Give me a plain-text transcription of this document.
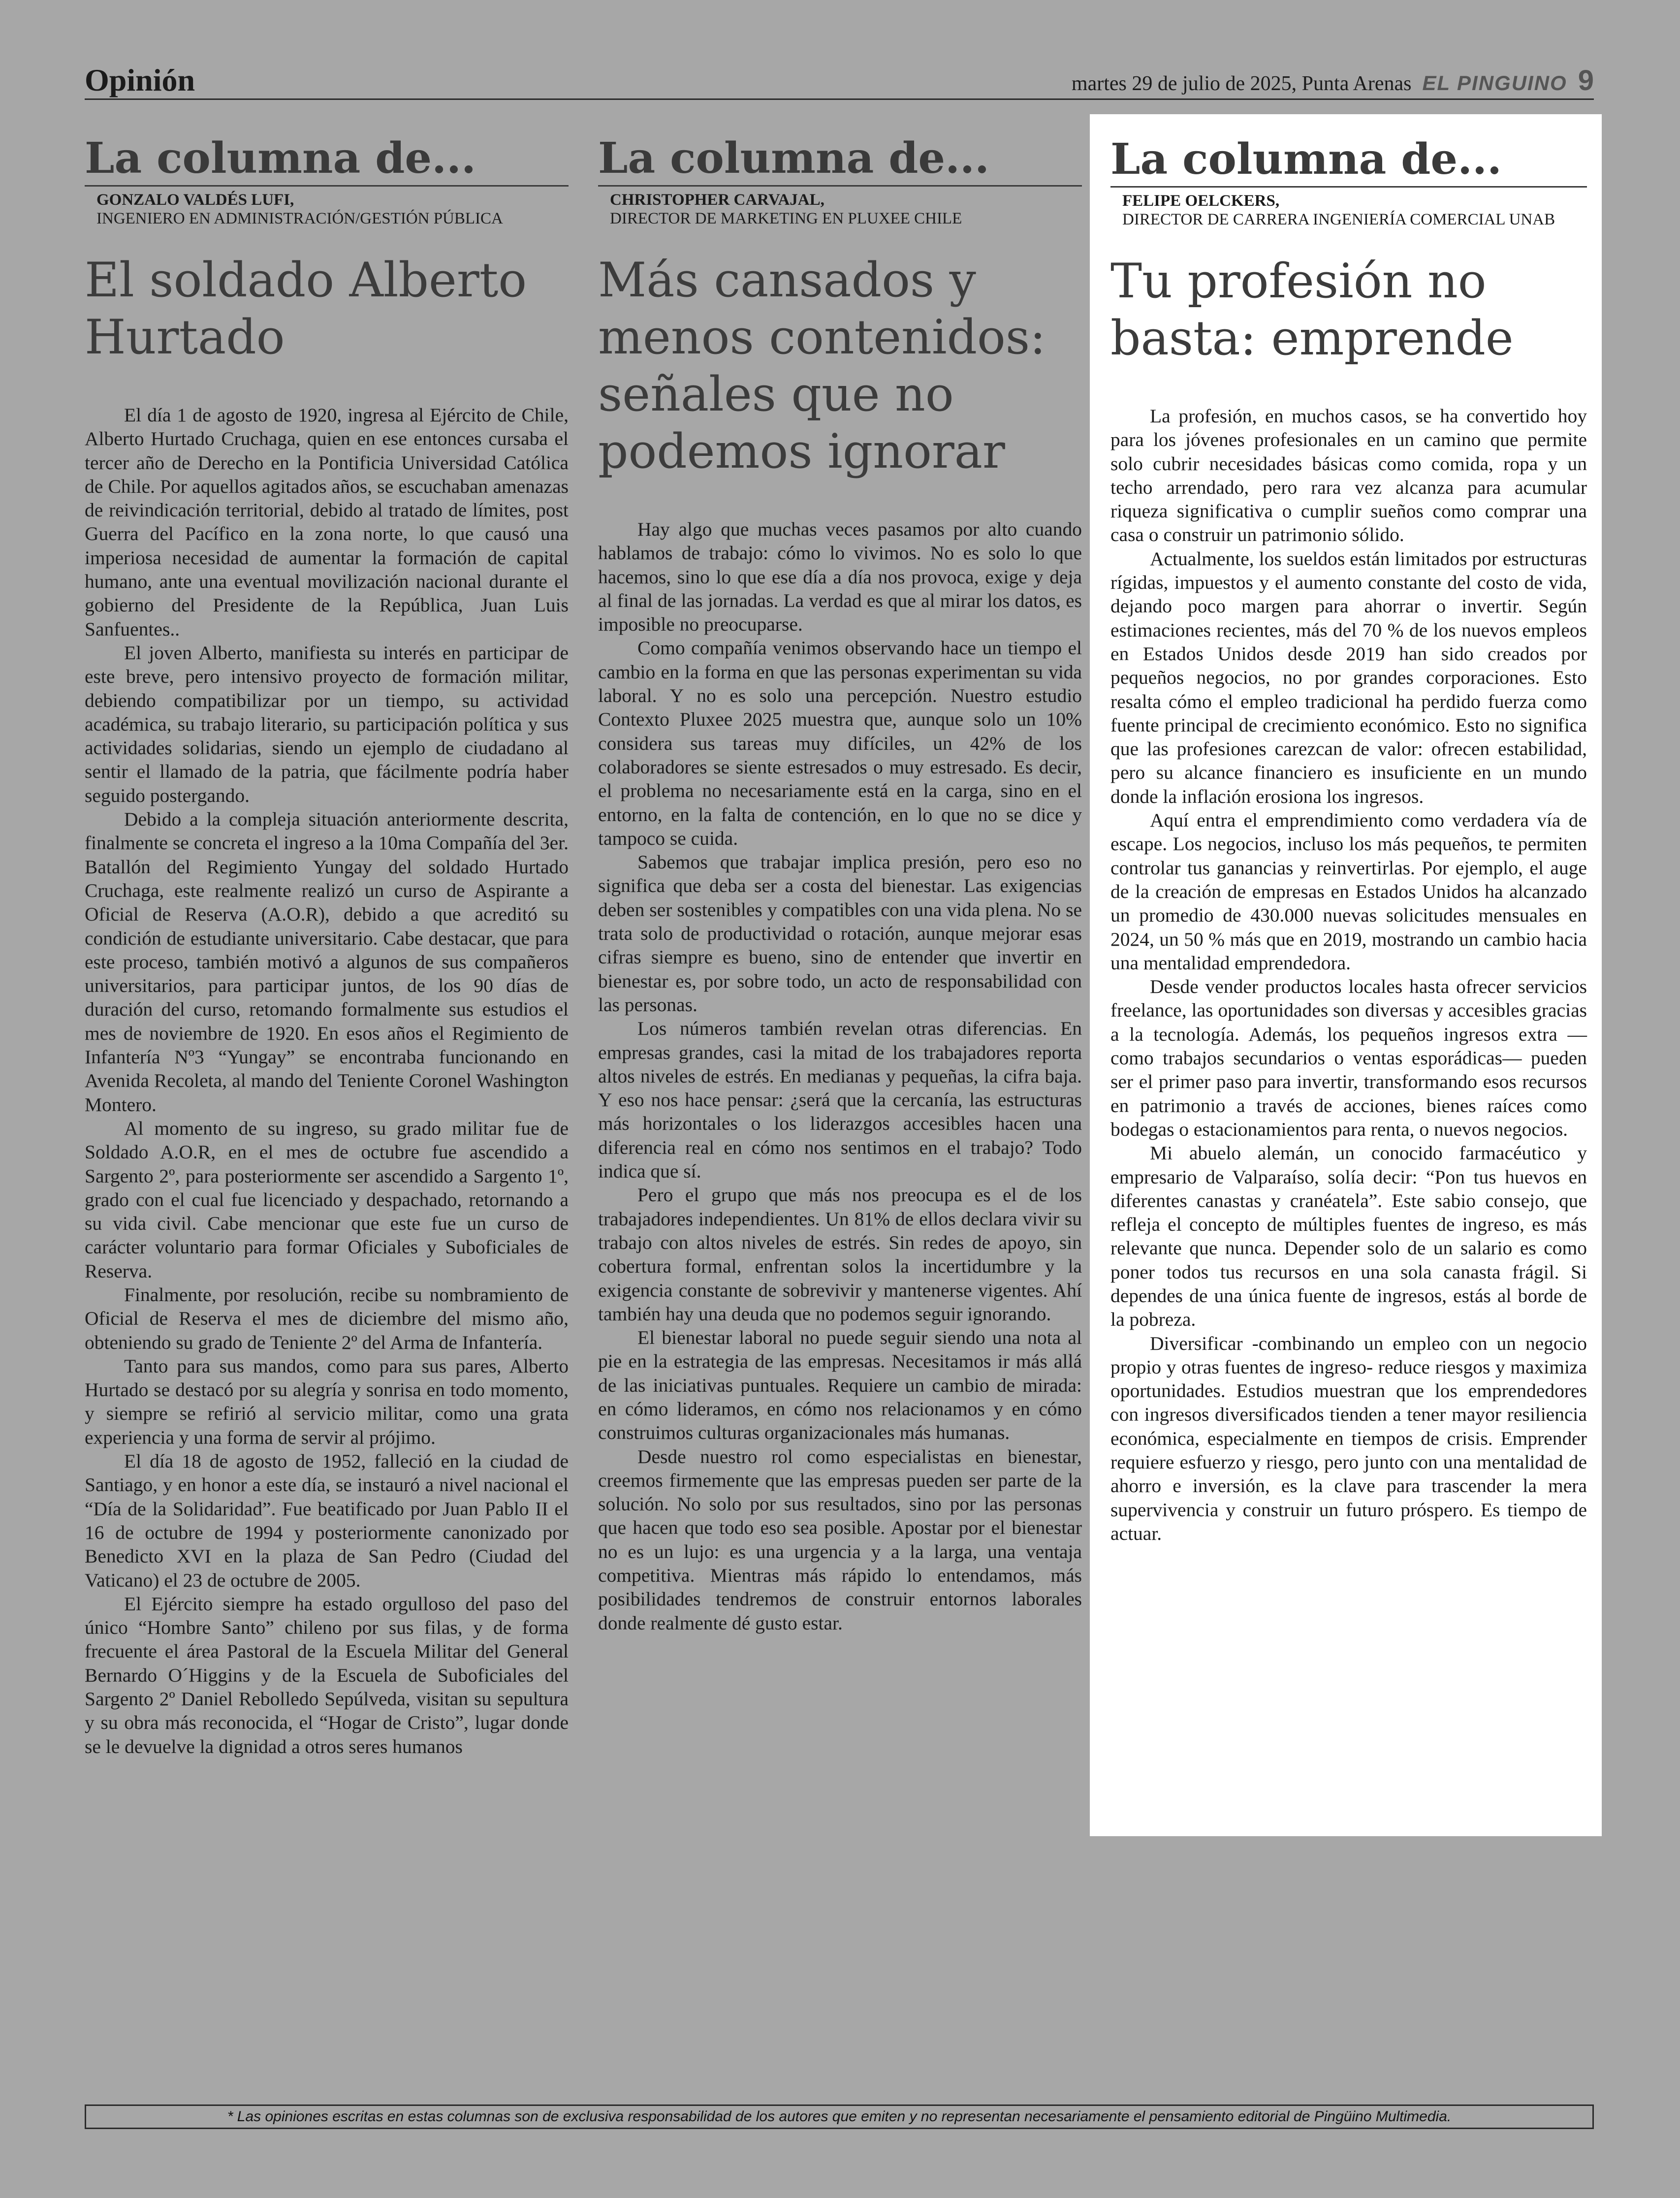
Opinión	martes 29 de julio de 2025, Punta Arenas EL PINGUINO 9
La columna de...
GONZALO VALDÉS LUFI,
INGENIERO EN ADMINISTRACIÓN/GESTIÓN PÚBLICA
El soldado Alberto Hurtado

El día 1 de agosto de 1920, ingresa al Ejército de Chile, Alberto Hurtado Cruchaga, quien en ese entonces cursaba el tercer año de Derecho en la Pontificia Universidad Católica de Chile. Por aquellos agitados años, se escuchaban amenazas de reivindicación territorial, debido al tratado de límites, post Guerra del Pacífico en la zona norte, lo que causó una imperiosa necesidad de aumentar la formación de capital humano, ante una eventual movilización nacional durante el gobierno del Presidente de la República, Juan Luis Sanfuentes..

El joven Alberto, manifiesta su interés en participar de este breve, pero intensivo proyecto de formación militar, debiendo compatibilizar por un tiempo, su actividad académica, su trabajo literario, su participación política y sus actividades solidarias, siendo un ejemplo de ciudadano al sentir el llamado de la patria, que fácilmente podría haber seguido postergando.

Debido a la compleja situación anteriormente descrita, finalmente se concreta el ingreso a la 10ma Compañía del 3er. Batallón del Regimiento Yungay del soldado Hurtado Cruchaga, este realmente realizó un curso de Aspirante a Oficial de Reserva (A.O.R), debido a que acreditó su condición de estudiante universitario. Cabe destacar, que para este proceso, también motivó a algunos de sus compañeros universitarios, para participar juntos, de los 90 días de duración del curso, retomando formalmente sus estudios el mes de noviembre de 1920. En esos años el Regimiento de Infantería Nº3 “Yungay” se encontraba funcionando en Avenida Recoleta, al mando del Teniente Coronel Washington Montero.

Al momento de su ingreso, su grado militar fue de Soldado A.O.R, en el mes de octubre fue ascendido a Sargento 2º, para posteriormente ser ascendido a Sargento 1º, grado con el cual fue licenciado y despachado, retornando a su vida civil. Cabe mencionar que este fue un curso de carácter voluntario para formar Oficiales y Suboficiales de Reserva.

Finalmente, por resolución, recibe su nombramiento de Oficial de Reserva el mes de diciembre del mismo año, obteniendo su grado de Teniente 2º del Arma de Infantería.

Tanto para sus mandos, como para sus pares, Alberto Hurtado se destacó por su alegría y sonrisa en todo momento, y siempre se refirió al servicio militar, como una grata experiencia y una forma de servir al prójimo.

El día 18 de agosto de 1952, falleció en la ciudad de Santiago, y en honor a este día, se instauró a nivel nacional el “Día de la Solidaridad”. Fue beatificado por Juan Pablo II el 16 de octubre de 1994 y posteriormente canonizado por Benedicto XVI en la plaza de San Pedro (Ciudad del Vaticano) el 23 de octubre de 2005.

El Ejército siempre ha estado orgulloso del paso del único “Hombre Santo” chileno por sus filas, y de forma frecuente el área Pastoral de la Escuela Militar del General Bernardo O´Higgins y de la Escuela de Suboficiales del Sargento 2º Daniel Rebolledo Sepúlveda, visitan su sepultura y su obra más reconocida, el “Hogar de Cristo”, lugar donde se le devuelve la dignidad a otros seres humanos

La columna de...
CHRISTOPHER CARVAJAL,
DIRECTOR DE MARKETING EN PLUXEE CHILE
Más cansados y menos contenidos: señales que no podemos ignorar

Hay algo que muchas veces pasamos por alto cuando hablamos de trabajo: cómo lo vivimos. No es solo lo que hacemos, sino lo que ese día a día nos provoca, exige y deja al final de las jornadas. La verdad es que al mirar los datos, es imposible no preocuparse.

Como compañía venimos observando hace un tiempo el cambio en la forma en que las personas experimentan su vida laboral. Y no es solo una percepción. Nuestro estudio Contexto Pluxee 2025 muestra que, aunque solo un 10% considera sus tareas muy difíciles, un 42% de los colaboradores se siente estresados o muy estresado. Es decir, el problema no necesariamente está en la carga, sino en el entorno, en la falta de contención, en lo que no se dice y tampoco se cuida.

Sabemos que trabajar implica presión, pero eso no significa que deba ser a costa del bienestar. Las exigencias deben ser sostenibles y compatibles con una vida plena. No se trata solo de productividad o rotación, aunque mejorar esas cifras siempre es bueno, sino de entender que invertir en bienestar es, por sobre todo, un acto de responsabilidad con las personas.

Los números también revelan otras diferencias. En empresas grandes, casi la mitad de los trabajadores reporta altos niveles de estrés. En medianas y pequeñas, la cifra baja. Y eso nos hace pensar: ¿será que la cercanía, las estructuras más horizontales o los liderazgos accesibles hacen una diferencia real en cómo nos sentimos en el trabajo? Todo indica que sí.

Pero el grupo que más nos preocupa es el de los trabajadores independientes. Un 81% de ellos declara vivir su trabajo con altos niveles de estrés. Sin redes de apoyo, sin cobertura formal, enfrentan solos la incertidumbre y la exigencia constante de sobrevivir y mantenerse vigentes. Ahí también hay una deuda que no podemos seguir ignorando.

El bienestar laboral no puede seguir siendo una nota al pie en la estrategia de las empresas. Necesitamos ir más allá de las iniciativas puntuales. Requiere un cambio de mirada: en cómo lideramos, en cómo nos relacionamos y en cómo construimos culturas organizacionales más humanas.

Desde nuestro rol como especialistas en bienestar, creemos firmemente que las empresas pueden ser parte de la solución. No solo por sus resultados, sino por las personas que hacen que todo eso sea posible. Apostar por el bienestar no es un lujo: es una urgencia y a la larga, una ventaja competitiva. Mientras más rápido lo entendamos, más posibilidades tendremos de construir entornos laborales donde realmente dé gusto estar.

La columna de...
FELIPE OELCKERS,
DIRECTOR DE CARRERA INGENIERÍA COMERCIAL UNAB
Tu profesión no basta: emprende

La profesión, en muchos casos, se ha convertido hoy para los jóvenes profesionales en un camino que permite solo cubrir necesidades básicas como comida, ropa y un techo arrendado, pero rara vez alcanza para acumular riqueza significativa o cumplir sueños como comprar una casa o construir un patrimonio sólido.

Actualmente, los sueldos están limitados por estructuras rígidas, impuestos y el aumento constante del costo de vida, dejando poco margen para ahorrar o invertir. Según estimaciones recientes, más del 70 % de los nuevos empleos en Estados Unidos desde 2019 han sido creados por pequeños negocios, no por grandes corporaciones. Esto resalta cómo el empleo tradicional ha perdido fuerza como fuente principal de crecimiento económico. Esto no significa que las profesiones carezcan de valor: ofrecen estabilidad, pero su alcance financiero es insuficiente en un mundo donde la inflación erosiona los ingresos.

Aquí entra el emprendimiento como verdadera vía de escape. Los negocios, incluso los más pequeños, te permiten controlar tus ganancias y reinvertirlas. Por ejemplo, el auge de la creación de empresas en Estados Unidos ha alcanzado un promedio de 430.000 nuevas solicitudes mensuales en 2024, un 50 % más que en 2019, mostrando un cambio hacia una mentalidad emprendedora.

Desde vender productos locales hasta ofrecer servicios freelance, las oportunidades son diversas y accesibles gracias a la tecnología. Además, los pequeños ingresos extra —como trabajos secundarios o ventas esporádicas— pueden ser el primer paso para invertir, transformando esos recursos en patrimonio a través de acciones, bienes raíces como bodegas o estacionamientos para renta, o nuevos negocios.

Mi abuelo alemán, un conocido farmacéutico y empresario de Valparaíso, solía decir: “Pon tus huevos en diferentes canastas y cranéatela”. Este sabio consejo, que refleja el concepto de múltiples fuentes de ingreso, es más relevante que nunca. Depender solo de un salario es como poner todos tus recursos en una sola canasta frágil. Si dependes de una única fuente de ingresos, estás al borde de la pobreza.

Diversificar -combinando un empleo con un negocio propio y otras fuentes de ingreso- reduce riesgos y maximiza oportunidades. Estudios muestran que los emprendedores con ingresos diversificados tienden a tener mayor resiliencia económica, especialmente en tiempos de crisis. Emprender requiere esfuerzo y riesgo, pero junto con una mentalidad de ahorro e inversión, es la clave para trascender la mera supervivencia y construir un futuro próspero. Es tiempo de actuar.

* Las opiniones escritas en estas columnas son de exclusiva responsabilidad de los autores que emiten y no representan necesariamente el pensamiento editorial de Pingüino Multimedia.
